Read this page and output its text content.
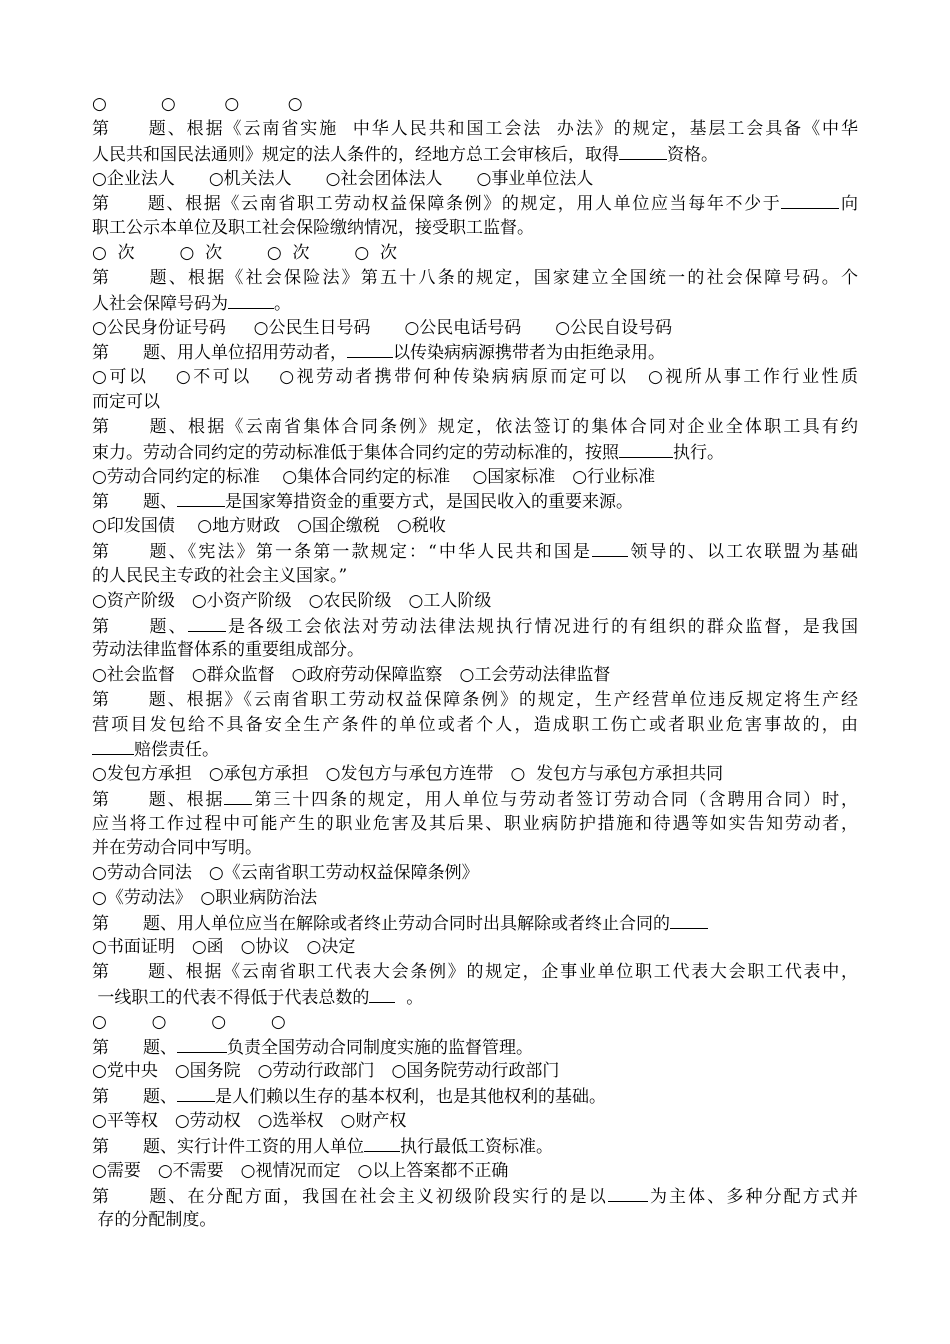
○          ○         ○         ○
第　　题、根据《云南省实施  中华人民共和国工会法  办法》的规定，基层工会具备《中华
人民共和国民法通则》规定的法人条件的，经地方总工会审核后，取得	资格。
○企业法人　　○机关法人　　○社会团体法人　　○事业单位法人
第　　题、根据《云南省职工劳动权益保障条例》的规定，用人单位应当每年不少于	向
职工公示本单位及职工社会保险缴纳情况，接受职工监督。
○  次　　  ○  次　　  ○  次　　  ○  次
第　　题、根据《社会保险法》第五十八条的规定，国家建立全国统一的社会保障号码。个
人社会保障号码为	。
○公民身份证号码　  ○公民生日号码　　○公民电话号码　　○公民自设号码
第　　题、用人单位招用劳动者，	以传染病病源携带者为由拒绝录用。
○可以　 ○不可以　 ○视劳动者携带何种传染病病原而定可以　○视所从事工作行业性质
而定可以
第　　题、根据《云南省集体合同条例》规定，依法签订的集体合同对企业全体职工具有约
束力。劳动合同约定的劳动标准低于集体合同约定的劳动标准的，按照	执行。
○劳动合同约定的标准　 ○集体合同约定的标准　 ○国家标准　○行业标准
第　　题、	是国家筹措资金的重要方式，是国民收入的重要来源。
○印发国债　 ○地方财政　○国企缴税　○税收
第　　题、《宪法》第一条第一款规定：“中华人民共和国是 领导的、以工农联盟为基础
的人民民主专政的社会主义国家。”
○资产阶级　○小资产阶级　○农民阶级　○工人阶级
第　　题、 是各级工会依法对劳动法律法规执行情况进行的有组织的群众监督，是我国
劳动法律监督体系的重要组成部分。
○社会监督　○群众监督　○政府劳动保障监察　○工会劳动法律监督
第　　题、根据》《云南省职工劳动权益保障条例》的规定，生产经营单位违反规定将生产经
营项目发包给不具备安全生产条件的单位或者个人，造成职工伤亡或者职业危害事故的，由
赔偿责任。
○发包方承担　○承包方承担　○发包方与承包方连带　○  发包方与承包方承担共同
第　　题、根据 第三十四条的规定，用人单位与劳动者签订劳动合同（含聘用合同）时，
应当将工作过程中可能产生的职业危害及其后果、职业病防护措施和待遇等如实告知劳动者，
并在劳动合同中写明。
○劳动合同法　○《云南省职工劳动权益保障条例》
○《劳动法》　○职业病防治法
第　　题、用人单位应当在解除或者终止劳动合同时出具解除或者终止合同的
○书面证明　○函　○协议　○决定
第　　题、根据《云南省职工代表大会条例》的规定，企事业单位职工代表大会职工代表中，
一线职工的代表不得低于代表总数的  。
○　　  ○　　  ○　　  ○
第　　题、	负责全国劳动合同制度实施的监督管理。
○党中央　○国务院　○劳动行政部门　○国务院劳动行政部门
第　　题、 是人们赖以生存的基本权利，也是其他权利的基础。
○平等权　○劳动权　○选举权　○财产权
第　　题、实行计件工资的用人单位 执行最低工资标准。
○需要　○不需要　○视情况而定　○以上答案都不正确
第　　题、在分配方面，我国在社会主义初级阶段实行的是以 为主体、多种分配方式并
存的分配制度。
